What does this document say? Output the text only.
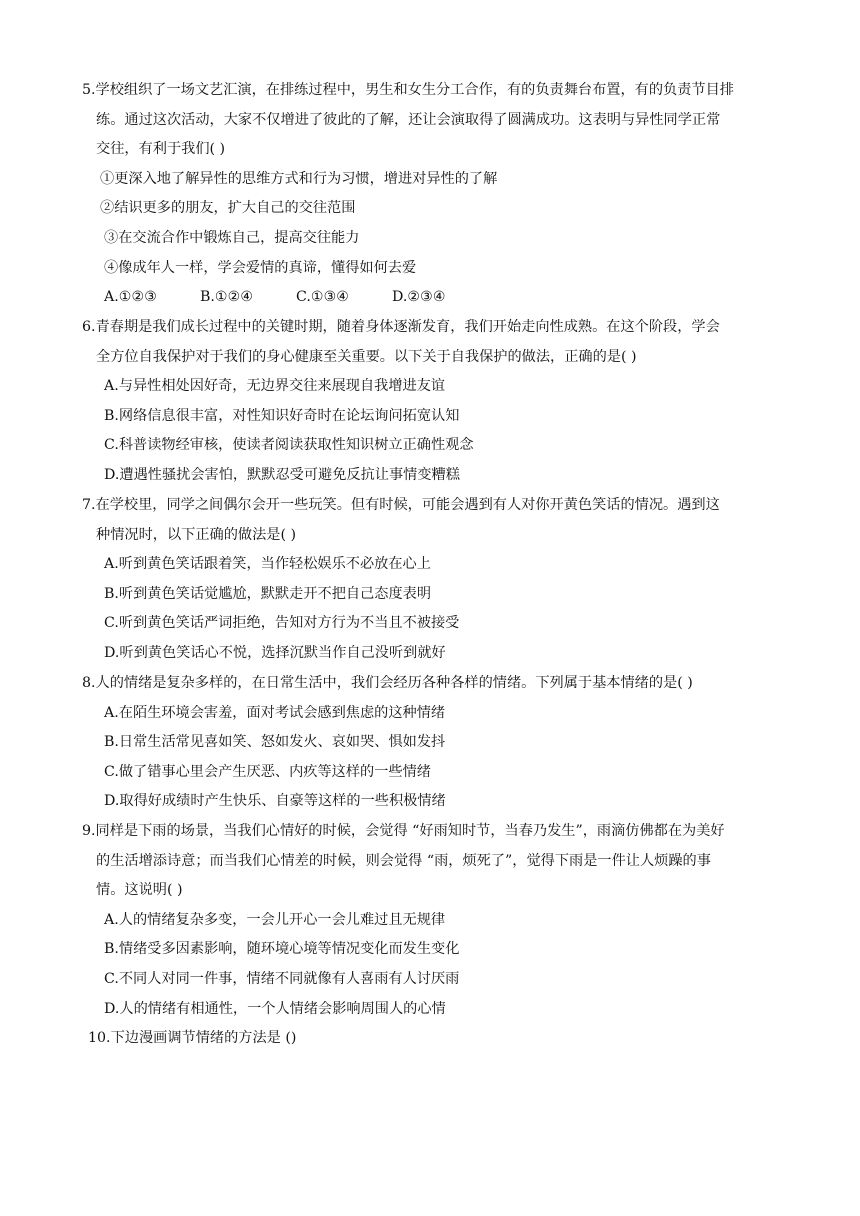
5.学校组织了一场文艺汇演，在排练过程中，男生和女生分工合作，有的负责舞台布置，有的负责节目排
练。通过这次活动，大家不仅增进了彼此的了解，还让会演取得了圆满成功。这表明与异性同学正常
交往，有利于我们( )
①更深入地了解异性的思维方式和行为习惯，增进对异性的了解
②结识更多的朋友，扩大自己的交往范围
③在交流合作中锻炼自己，提高交往能力
④像成年人一样，学会爱情的真谛，懂得如何去爱
A.①②③	B.①②④	C.①③④	D.②③④
6.青春期是我们成长过程中的关键时期，随着身体逐渐发育，我们开始走向性成熟。在这个阶段，学会
全方位自我保护对于我们的身心健康至关重要。以下关于自我保护的做法，正确的是( )
A.与异性相处因好奇，无边界交往来展现自我增进友谊
B.网络信息很丰富，对性知识好奇时在论坛询问拓宽认知
C.科普读物经审核，使读者阅读获取性知识树立正确性观念
D.遭遇性骚扰会害怕，默默忍受可避免反抗让事情变糟糕
7.在学校里，同学之间偶尔会开一些玩笑。但有时候，可能会遇到有人对你开黄色笑话的情况。遇到这
种情况时，以下正确的做法是( )
A.听到黄色笑话跟着笑，当作轻松娱乐不必放在心上
B.听到黄色笑话觉尴尬，默默走开不把自己态度表明
C.听到黄色笑话严词拒绝，告知对方行为不当且不被接受
D.听到黄色笑话心不悦，选择沉默当作自己没听到就好
8.人的情绪是复杂多样的，在日常生活中，我们会经历各种各样的情绪。下列属于基本情绪的是( )
A.在陌生环境会害羞，面对考试会感到焦虑的这种情绪
B.日常生活常见喜如笑、怒如发火、哀如哭、惧如发抖
C.做了错事心里会产生厌恶、内疚等这样的一些情绪
D.取得好成绩时产生快乐、自豪等这样的一些积极情绪
9.同样是下雨的场景，当我们心情好的时候，会觉得 “好雨知时节，当春乃发生”，雨滴仿佛都在为美好
的生活增添诗意；而当我们心情差的时候，则会觉得 “雨，烦死了”，觉得下雨是一件让人烦躁的事
情。这说明( )
A.人的情绪复杂多变，一会儿开心一会儿难过且无规律
B.情绪受多因素影响，随环境心境等情况变化而发生变化
C.不同人对同一件事，情绪不同就像有人喜雨有人讨厌雨
D.人的情绪有相通性，一个人情绪会影响周围人的心情
10.下边漫画调节情绪的方法是 ()
